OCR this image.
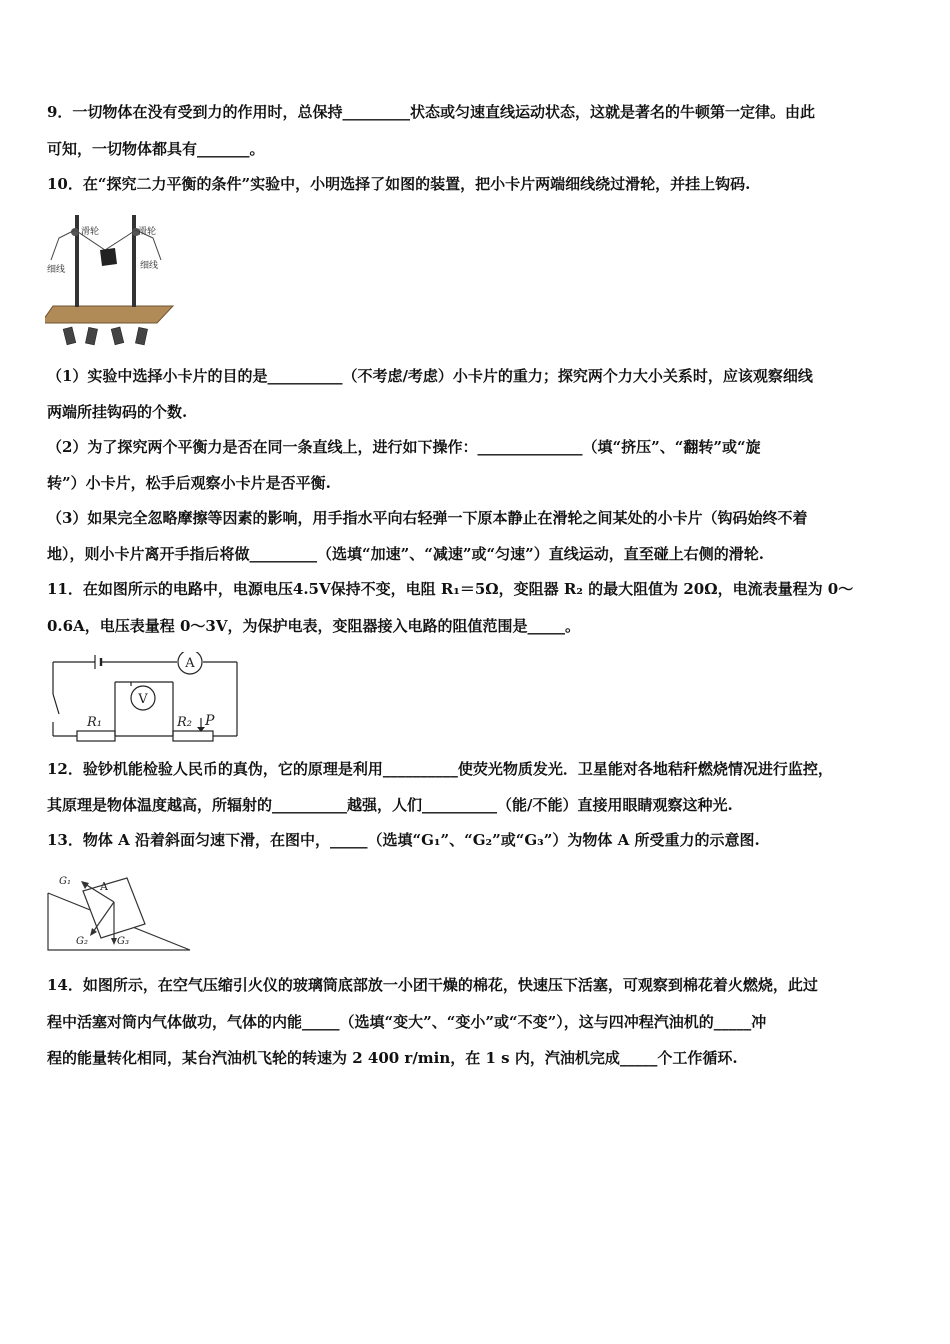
9．一切物体在没有受到力的作用时，总保持_________状态或匀速直线运动状态，这就是著名的牛顿第一定律。由此
可知，一切物体都具有_______。
10．在“探究二力平衡的条件”实验中，小明选择了如图的装置，把小卡片两端细线绕过滑轮，并挂上钩码.
滑轮	滑轮
细线	细线
（1）实验中选择小卡片的目的是__________（不考虑/考虑）小卡片的重力；探究两个力大小关系时，应该观察细线
两端所挂钩码的个数.
（2）为了探究两个平衡力是否在同一条直线上，进行如下操作：______________（填“挤压”、“翻转”或“旋
转”）小卡片，松手后观察小卡片是否平衡.
（3）如果完全忽略摩擦等因素的影响，用手指水平向右轻弹一下原本静止在滑轮之间某处的小卡片（钩码始终不着
地），则小卡片离开手指后将做_________（选填“加速”、“减速”或“匀速”）直线运动，直至碰上右侧的滑轮.
11．在如图所示的电路中，电源电压4.5V保持不变，电阻 R₁＝5Ω，变阻器 R₂ 的最大阻值为 20Ω，电流表量程为 0～
0.6A，电压表量程 0～3V，为保护电表，变阻器接入电路的阻值范围是_____。
A
V
R₁	R₂ P
12．验钞机能检验人民币的真伪，它的原理是利用__________使荧光物质发光．卫星能对各地秸秆燃烧情况进行监控，
其原理是物体温度越高，所辐射的__________越强，人们__________（能/不能）直接用眼睛观察这种光.
13．物体 A 沿着斜面匀速下滑，在图中，_____（选填“G₁”、“G₂”或“G₃”）为物体 A 所受重力的示意图.
A
G₁
G₂	G₃
14．如图所示，在空气压缩引火仪的玻璃筒底部放一小团干燥的棉花，快速压下活塞，可观察到棉花着火燃烧，此过
程中活塞对筒内气体做功，气体的内能_____（选填“变大”、“变小”或“不变”），这与四冲程汽油机的_____冲
程的能量转化相同，某台汽油机飞轮的转速为 2 400 r/min，在 1 s 内，汽油机完成_____个工作循环.
